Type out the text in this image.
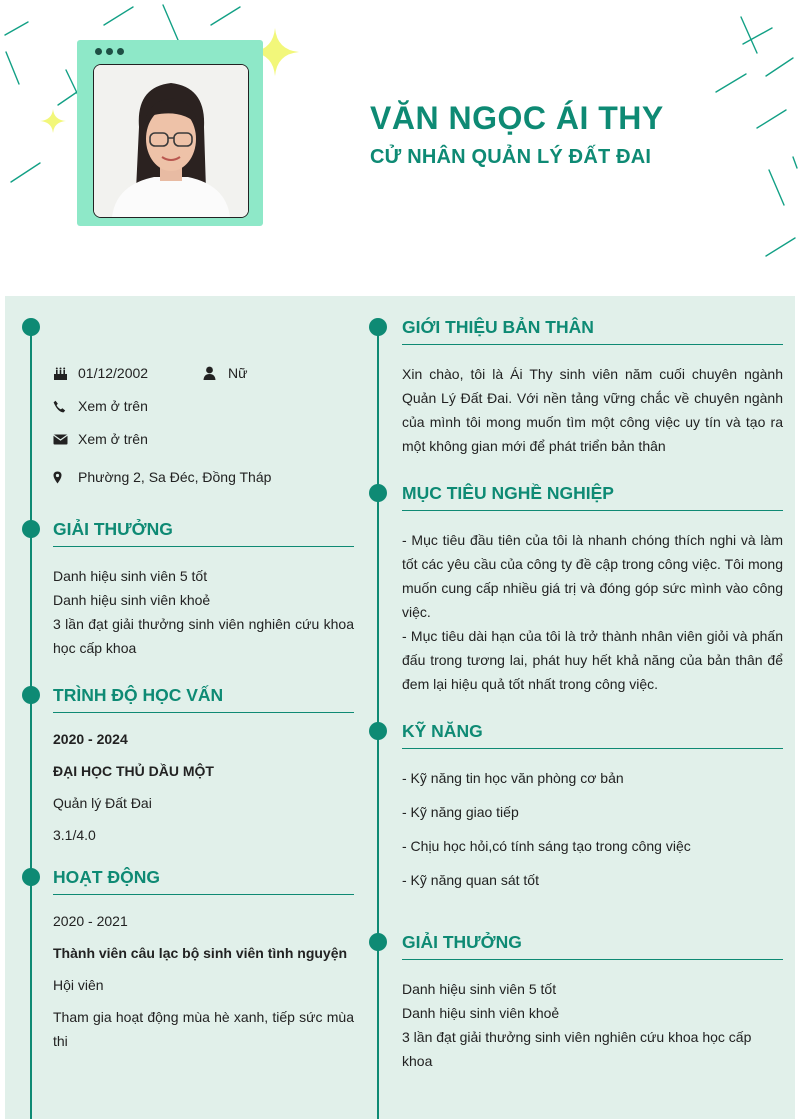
VĂN NGỌC ÁI THY
CỬ NHÂN QUẢN LÝ ĐẤT ĐAI
01/12/2002	Nữ
Xem ở trên
Xem ở trên
Phường 2, Sa Đéc, Đồng Tháp
GIẢI THƯỞNG
Danh hiệu sinh viên 5 tốt
Danh hiệu sinh viên khoẻ
3 lần đạt giải thưởng sinh viên nghiên cứu khoa học cấp khoa
TRÌNH ĐỘ HỌC VẤN
2020 - 2024
ĐẠI HỌC THỦ DẦU MỘT
Quản lý Đất Đai
3.1/4.0
HOẠT ĐỘNG
2020 - 2021
Thành viên câu lạc bộ sinh viên tình nguyện
Hội viên
Tham gia hoạt động mùa hè xanh, tiếp sức mùa thi
GIỚI THIỆU BẢN THÂN
Xin chào, tôi là Ái Thy sinh viên năm cuối chuyên ngành Quản Lý Đất Đai. Với nền tảng vững chắc về chuyên ngành của mình tôi mong muốn tìm một công việc uy tín và tạo ra một không gian mới để phát triển bản thân
MỤC TIÊU NGHỀ NGHIỆP

- Mục tiêu đầu tiên của tôi là nhanh chóng thích nghi và làm tốt các yêu cầu của công ty đề cập trong công việc. Tôi mong muốn cung cấp nhiều giá trị và đóng góp sức mình vào công việc.

- Mục tiêu dài hạn của tôi là trở thành nhân viên giỏi và phấn đấu trong tương lai, phát huy hết khả năng của bản thân để đem lại hiệu quả tốt nhất trong công việc.

KỸ NĂNG
- Kỹ năng tin học văn phòng cơ bản
- Kỹ năng giao tiếp
- Chịu học hỏi,có tính sáng tạo trong công việc
- Kỹ năng quan sát tốt
GIẢI THƯỞNG
Danh hiệu sinh viên 5 tốt
Danh hiệu sinh viên khoẻ
3 lần đạt giải thưởng sinh viên nghiên cứu khoa học cấp khoa
